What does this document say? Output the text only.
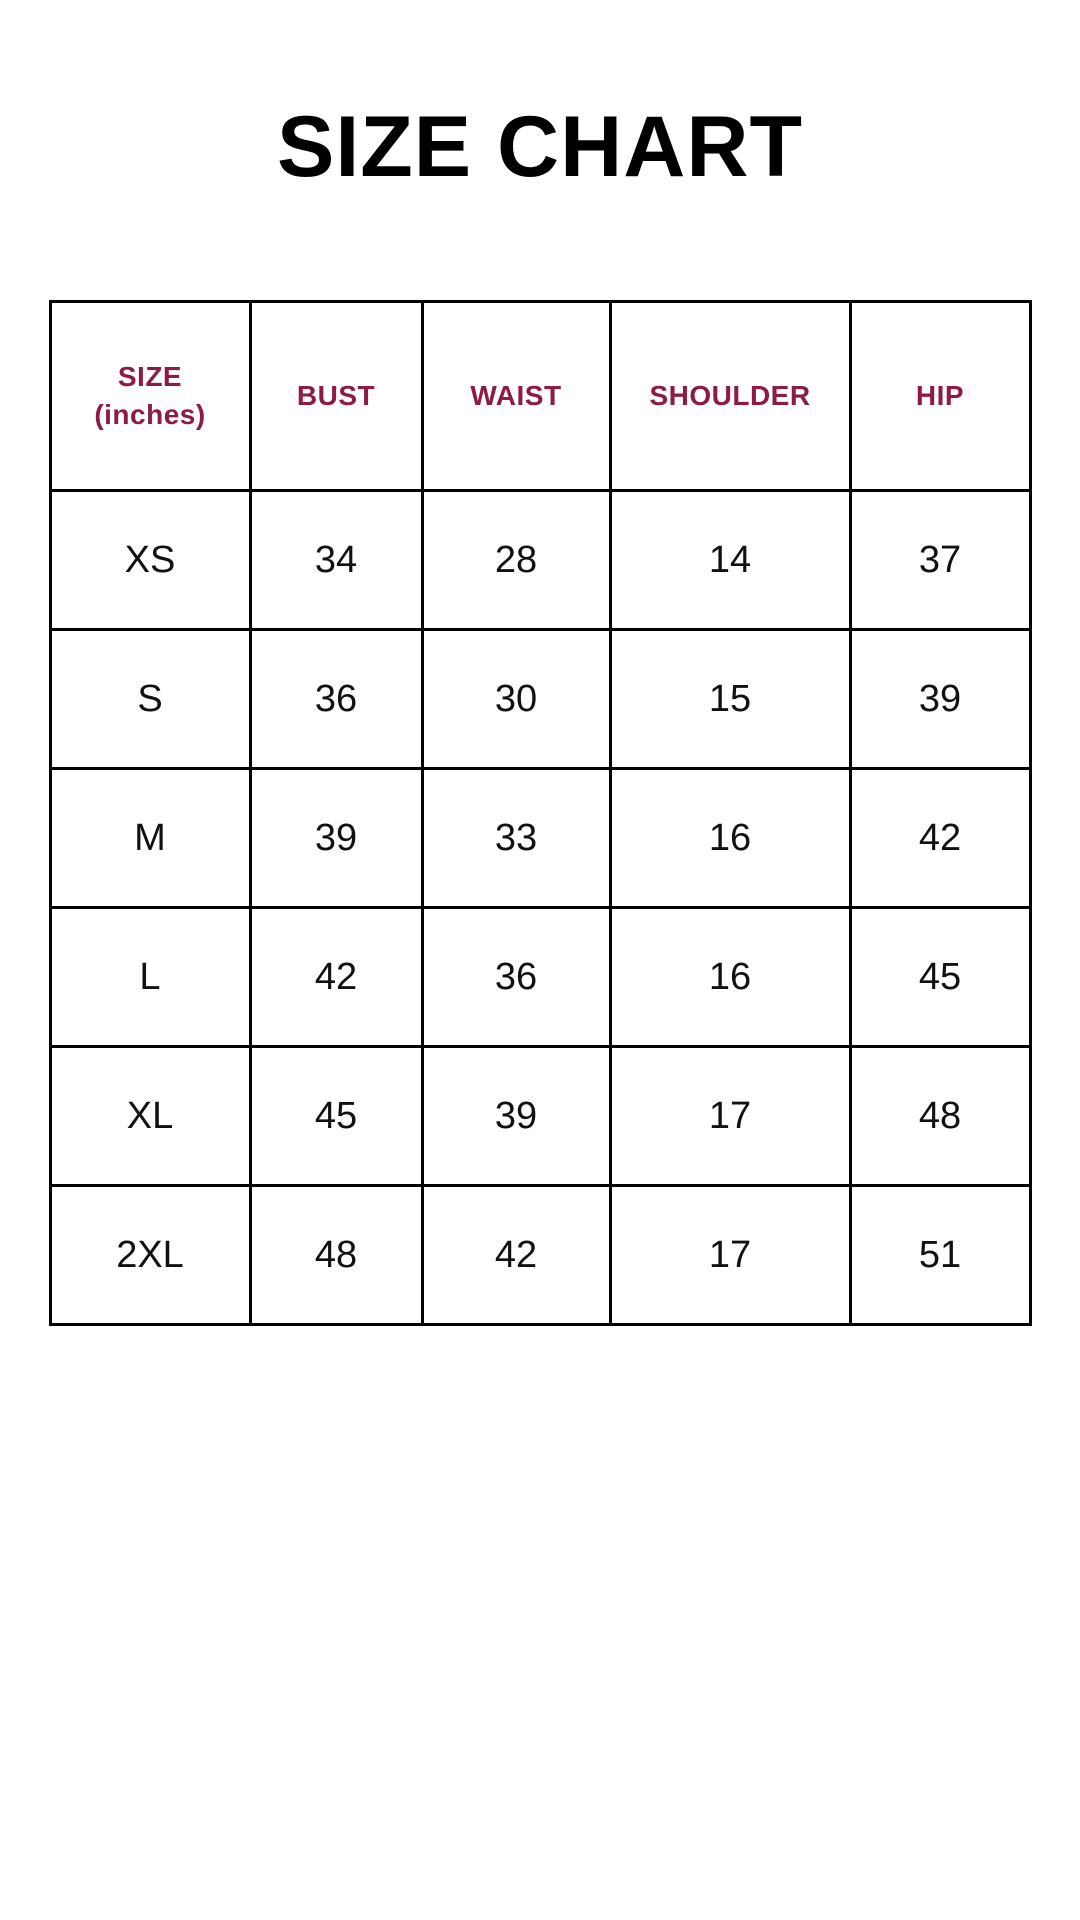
SIZE CHART
SIZE
(inches)	BUST	WAIST	SHOULDER	HIP
XS	34	28	14	37
S	36	30	15	39
M	39	33	16	42
L	42	36	16	45
XL	45	39	17	48
2XL	48	42	17	51
